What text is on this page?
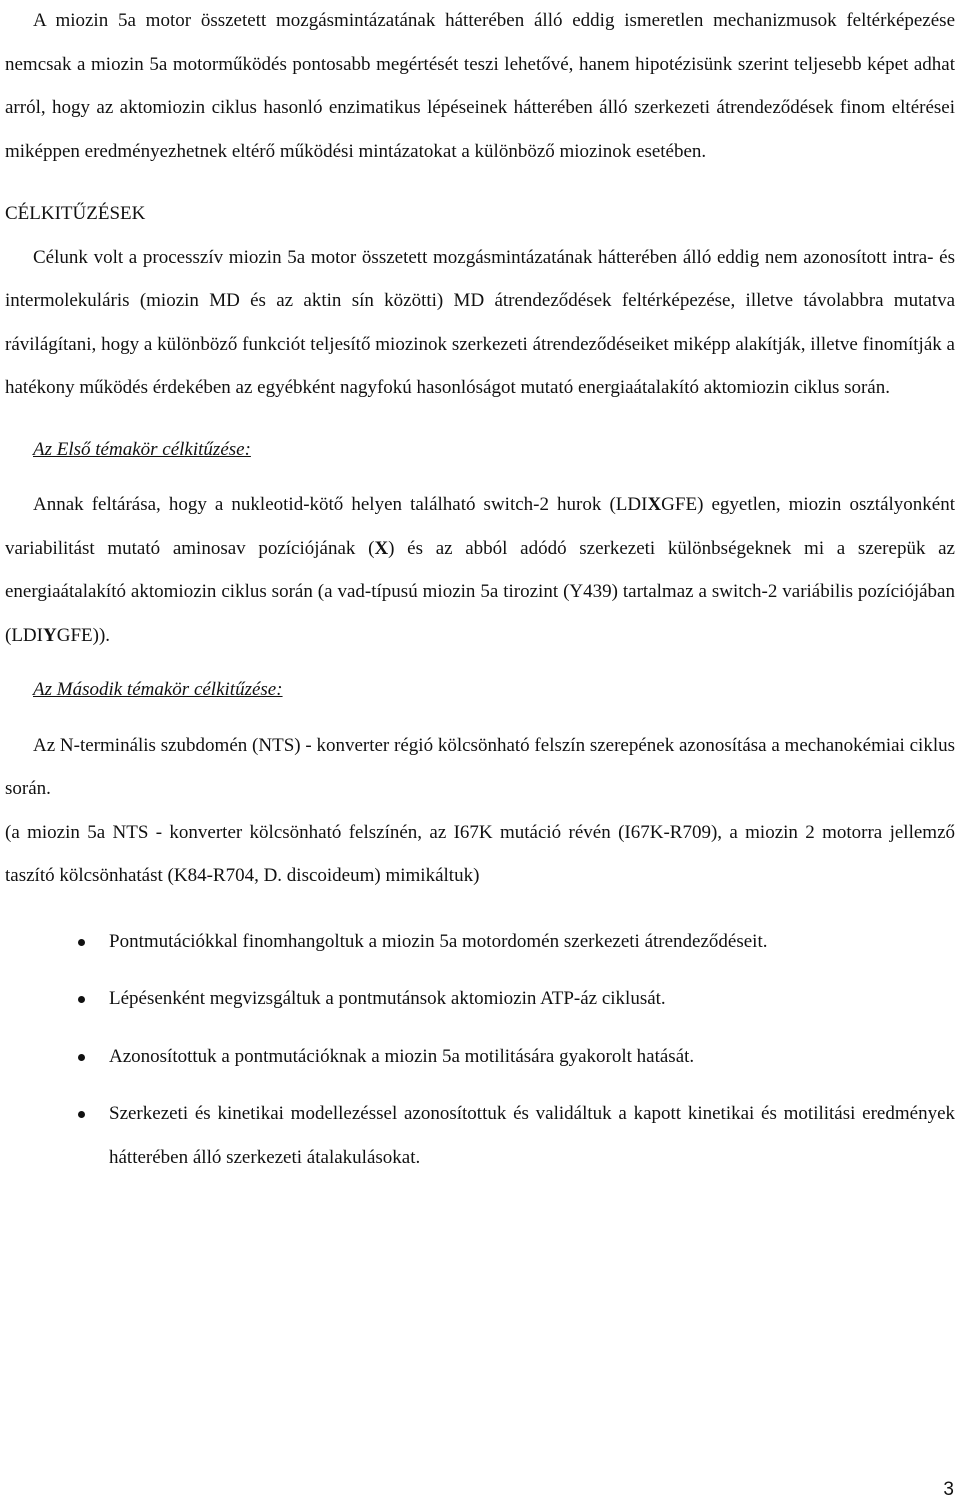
A miozin 5a motor összetett mozgásmintázatának hátterében álló eddig ismeretlen mechanizmusok feltérképezése nemcsak a miozin 5a motorműködés pontosabb megértését teszi lehetővé, hanem hipotézisünk szerint teljesebb képet adhat arról, hogy az aktomiozin ciklus hasonló enzimatikus lépéseinek hátterében álló szerkezeti átrendeződések finom eltérései miképpen eredményezhetnek eltérő működési mintázatokat a különböző miozinok esetében.

CÉLKITŰZÉSEK

Célunk volt a processzív miozin 5a motor összetett mozgásmintázatának hátterében álló eddig nem azonosított intra- és intermolekuláris (miozin MD és az aktin sín közötti) MD átrendeződések feltérképezése, illetve távolabbra mutatva rávilágítani, hogy a különböző funkciót teljesítő miozinok szerkezeti átrendeződéseiket miképp alakítják, illetve finomítják a hatékony működés érdekében az egyébként nagyfokú hasonlóságot mutató energiaátalakító aktomiozin ciklus során.

Az Első témakör célkitűzése:

Annak feltárása, hogy a nukleotid-kötő helyen található switch-2 hurok (LDIXGFE) egyetlen, miozin osztályonként variabilitást mutató aminosav pozíciójának (X) és az abból adódó szerkezeti különbségeknek mi a szerepük az energiaátalakító aktomiozin ciklus során (a vad-típusú miozin 5a tirozint (Y439) tartalmaz a switch-2 variábilis pozíciójában (LDIYGFE)).

Az Második témakör célkitűzése:

Az N-terminális szubdomén (NTS) - konverter régió kölcsönható felszín szerepének azonosítása a mechanokémiai ciklus során.

(a miozin 5a NTS - konverter kölcsönható felszínén, az I67K mutáció révén (I67K-R709), a miozin 2 motorra jellemző taszító kölcsönhatást (K84-R704, D. discoideum) mimikáltuk)

Pontmutációkkal finomhangoltuk a miozin 5a motordomén szerkezeti átrendeződéseit.
Lépésenként megvizsgáltuk a pontmutánsok aktomiozin ATP-áz ciklusát.
Azonosítottuk a pontmutációknak a miozin 5a motilitására gyakorolt hatását.
Szerkezeti és kinetikai modellezéssel azonosítottuk és validáltuk a kapott kinetikai és motilitási eredmények hátterében álló szerkezeti átalakulásokat.
3
